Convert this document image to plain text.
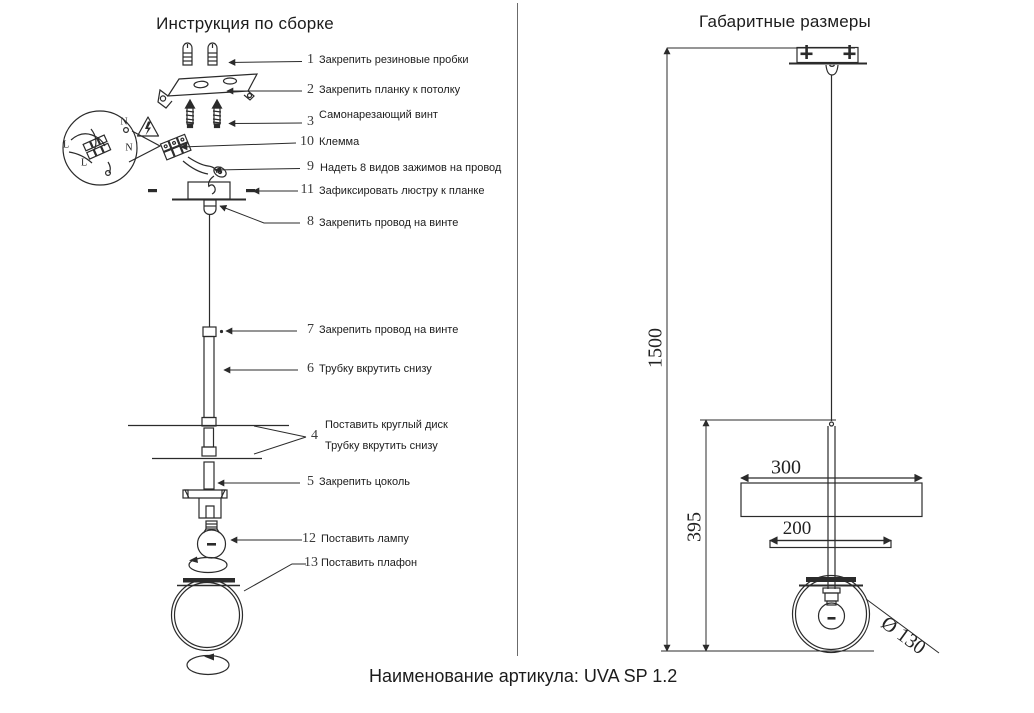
Инструкция по сборке	Габаритные размеры
1
2
3
10
9
11
8
7
6
4
5
12
13
Закрепить резиновые пробки
Закрепить планку к потолку
Самонарезающий винт
Клемма
Надеть 8 видов зажимов на провод
Зафиксировать люстру к планке
Закрепить провод на винте
Закрепить провод на винте
Трубку вкрутить снизу
Поставить круглый диск
Трубку вкрутить снизу
Закрепить цоколь
Поставить лампу
Поставить плафон
N
L	N
L
1500
395
300
200
Ø 130
Наименование артикула: UVA SP 1.2
